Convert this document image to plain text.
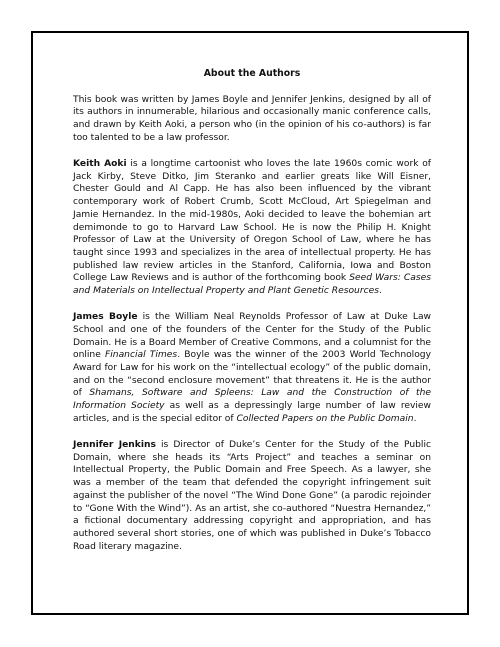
About the Authors

This book was written by James Boyle and Jennifer Jenkins, designed by all of its authors in innumerable, hilarious and occasionally manic conference calls, and drawn by Keith Aoki, a person who (in the opinion of his co-authors) is far too talented to be a law professor.

Keith Aoki is a longtime cartoonist who loves the late 1960s comic work of Jack Kirby, Steve Ditko, Jim Steranko and earlier greats like Will Eisner, Chester Gould and Al Capp. He has also been influenced by the vibrant contemporary work of Robert Crumb, Scott McCloud, Art Spiegelman and Jamie Hernandez. In the mid-1980s, Aoki decided to leave the bohemian art demimonde to go to Harvard Law School. He is now the Philip H. Knight Professor of Law at the University of Oregon School of Law, where he has taught since 1993 and specializes in the area of intellectual property. He has published law review articles in the Stanford, California, Iowa and Boston College Law Reviews and is author of the forthcoming book Seed Wars: Cases and Materials on Intellectual Property and Plant Genetic Resources.

James Boyle is the William Neal Reynolds Professor of Law at Duke Law School and one of the founders of the Center for the Study of the Public Domain. He is a Board Member of Creative Commons, and a columnist for the online Financial Times. Boyle was the winner of the 2003 World Technology Award for Law for his work on the “intellectual ecology” of the public domain, and on the “second enclosure movement” that threatens it. He is the author of Shamans, Software and Spleens: Law and the Construction of the Information Society as well as a depressingly large number of law review articles, and is the special editor of Collected Papers on the Public Domain.

Jennifer Jenkins is Director of Duke’s Center for the Study of the Public Domain, where she heads its “Arts Project” and teaches a seminar on Intellectual Property, the Public Domain and Free Speech. As a lawyer, she was a member of the team that defended the copyright infringement suit against the publisher of the novel “The Wind Done Gone” (a parodic rejoinder to “Gone With the Wind”). As an artist, she co-authored “Nuestra Hernandez,” a fictional documentary addressing copyright and appropriation, and has authored several short stories, one of which was published in Duke’s Tobacco Road literary magazine.
